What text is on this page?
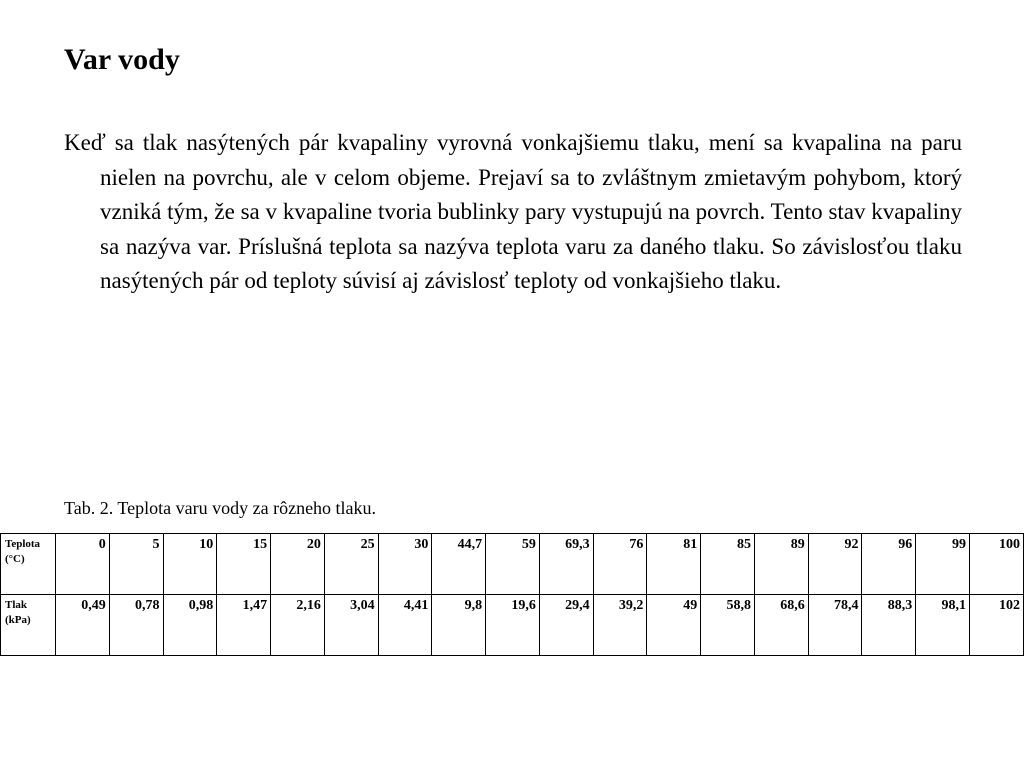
Var vody

Keď sa tlak nasýtených pár kvapaliny vyrovná vonkajšiemu tlaku, mení sa kvapalina na paru nielen na povrchu, ale v celom objeme. Prejaví sa to zvláštnym zmietavým pohybom, ktorý vzniká tým, že sa v kvapaline tvoria bublinky pary vystupujú na povrch. Tento stav kvapaliny sa nazýva var. Príslušná teplota sa nazýva teplota varu za daného tlaku. So závislosťou tlaku nasýtených pár od teploty súvisí aj závislosť teploty od vonkajšieho tlaku.

Tab. 2. Teplota varu vody za rôzneho tlaku.

Teplota (°C)	0	5	10	15	20	25	30	44,7	59	69,3	76	81	85	89	92	96	99	100
Tlak (kPa)	0,49	0,78	0,98	1,47	2,16	3,04	4,41	9,8	19,6	29,4	39,2	49	58,8	68,6	78,4	88,3	98,1	102
